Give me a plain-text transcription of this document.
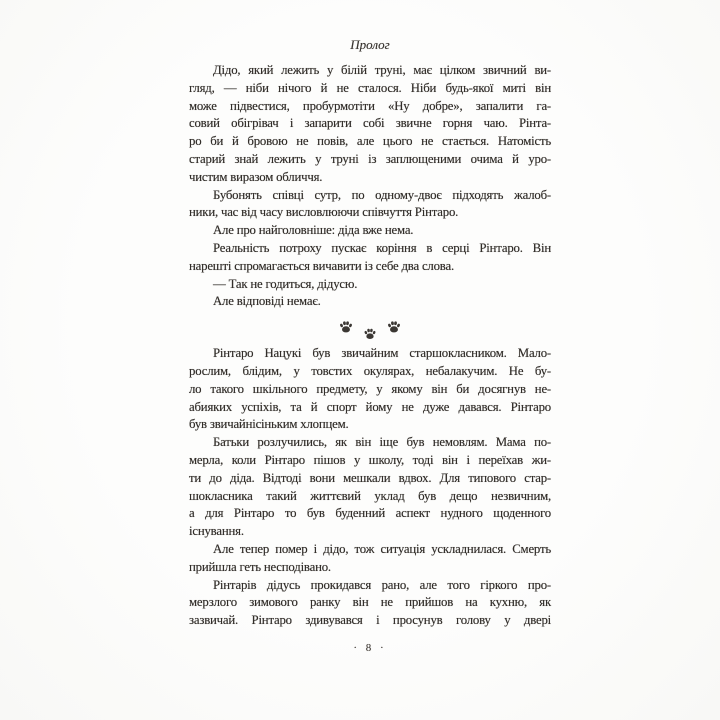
Пролог
Дідо, який лежить у білій труні, має цілком звичний ви-
гляд, — ніби нічого й не сталося. Ніби будь-якої миті він
може підвестися, пробурмотіти «Ну добре», запалити га-
совий обігрівач і запарити собі звичне горня чаю. Рінта-
ро би й бровою не повів, але цього не стається. Натомість
старий знай лежить у труні із заплющеними очима й уро-
чистим виразом обличчя.
Бубонять співці сутр, по одному-двоє підходять жалоб-
ники, час від часу висловлюючи співчуття Рінтаро.
Але про найголовніше: діда вже нема.
Реальність потроху пускає коріння в серці Рінтаро. Він
нарешті спромагається вичавити із себе два слова.
— Так не годиться, дідусю.
Але відповіді немає.
Рінтаро Нацукі був звичайним старшокласником. Мало-
рослим, блідим, у товстих окулярах, небалакучим. Не бу-
ло такого шкільного предмету, у якому він би досягнув не-
абияких успіхів, та й спорт йому не дуже давався. Рінтаро
був звичайнісіньким хлопцем.
Батьки розлучились, як він іще був немовлям. Мама по-
мерла, коли Рінтаро пішов у школу, тоді він і переїхав жи-
ти до діда. Відтоді вони мешкали вдвох. Для типового стар-
шокласника такий життєвий уклад був дещо незвичним,
а для Рінтаро то був буденний аспект нудного щоденного
існування.
Але тепер помер і дідо, тож ситуація ускладнилася. Смерть
прийшла геть несподівано.
Рінтарів дідусь прокидався рано, але того гіркого про-
мерзлого зимового ранку він не прийшов на кухню, як
зазвичай. Рінтаро здивувався і просунув голову у двері
· 8 ·
